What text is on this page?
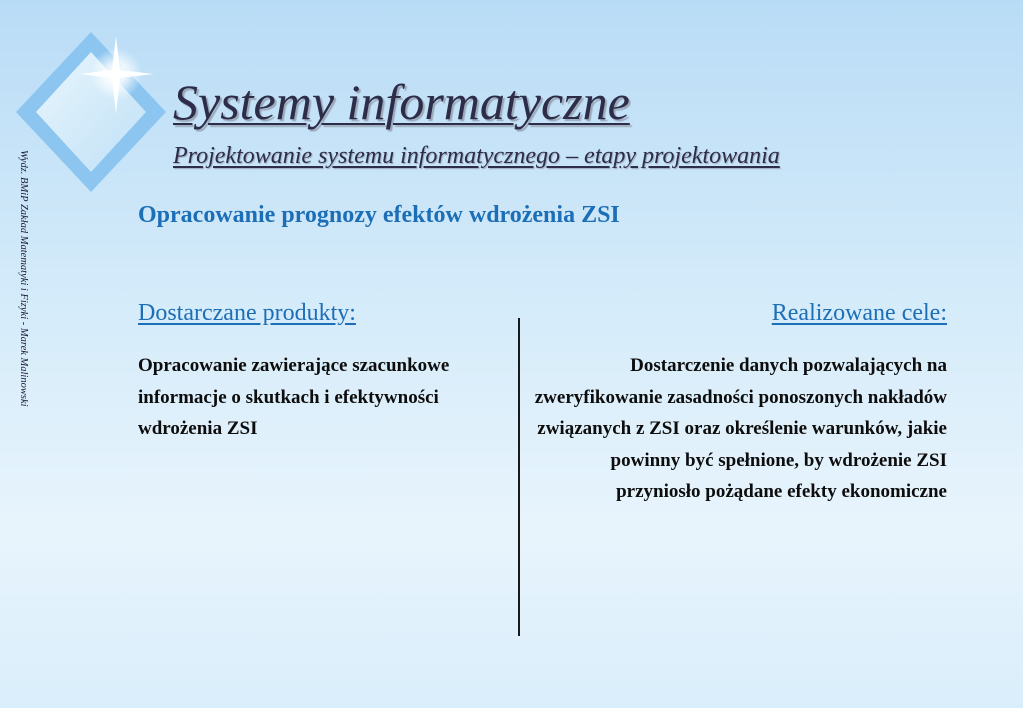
Wydz. BMiP Zakład Matematyki i Fizyki - Marek Malinowski
Systemy informatyczne
Projektowanie systemu informatycznego – etapy projektowania
Opracowanie prognozy efektów wdrożenia ZSI
Dostarczane produkty:

Opracowanie zawierające szacunkowe informacje o skutkach i efektywności wdrożenia ZSI

Realizowane cele:

Dostarczenie danych pozwalających na zweryfikowanie zasadności ponoszonych nakładów związanych z ZSI oraz określenie warunków, jakie powinny być spełnione, by wdrożenie ZSI przyniosło pożądane efekty ekonomiczne
